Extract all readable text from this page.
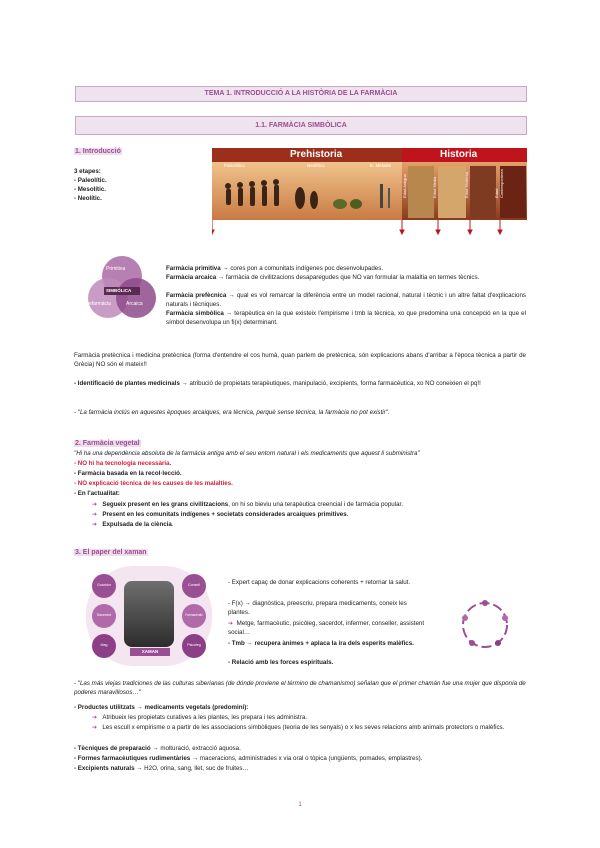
TEMA 1. INTRODUCCIÓ A LA HISTÒRIA DE LA FARMÀCIA
1.1. FARMÀCIA SIMBÒLICA
1. Introducció
3 etapes:
- Paleolític.
- Mesolític.
- Neolític.
Prehistoria	Historia
Paleolítico	Neolítico	E. Metales
Edad Antigua	Edad Media	Edad Moderna	Edad Contemporánea
Primitiva
Prefarmàcia	Arcaica
SIMBÒLICA
Farmàcia primitiva → cores pon a comunitats indígenes poc desenvolupades.
Farmàcia arcaica → farmàcia de civilitzacions desaparegudes que NO van formular la malaltia en termes tècnics.
Farmàcia prefècnica → qual es vol remarcar la diferència entre un model racional, natural i tècnic i un altre faltat d'explicacions naturals i tècniques.
Farmàcia simbòlica → terapèutica en la que existeix l'empirisme i tmb la tècnica, xo que predomina una concepció en la que el símbol desenvolupa un fi(x) determinant.
Farmàcia pretècnica i medicina pretècnica (forma d'entendre el cos humà, quan parlem de pretècnica, són explicacions abans d'arribar a l'època tècnica a partir de Grècia) NO són el mateix!!
- Identificació de plantes medicinals → atribució de propietats terapèutiques, manipulació, excipients, forma farmacèutica, xo NO coneixien el pq!!
- "La farmàcia inclús en aquestes èpoques arcaiques, era tècnica, perquè sense tècnica, la farmàcia no pot existir".
2. Farmàcia vegetal
"Hi ha una dependència absoluta de la farmàcia antiga amb el seu entorn natural i els medicaments que aquest li subministra"
- NO hi ha tecnologia necessària.
- Farmàcia basada en la recol·lecció.
- NO explicació tècnica de les causes de les malalties.
- En l'actualitat:
➔ Segueix present en les grans civilitzacions, on hi so bieviu una terapèutica creencial i de farmàcia popular.
➔ Present en les comunitats indígenes + societats considerades arcaiques primitives.
➔ Expulsada de la ciència.
3. El paper del xaman
XAMAN
Guaridor
Sacerdot
Mag
Consell
Farmacèutic
Psicòleg
- Expert capaç de donar explicacions coherents + retornar la salut.
- F(x) → diagnòstica, preescriu, prepara medicaments, coneix les plantes.
➔ Metge, farmacèutic, psicòleg, sacerdot, infermer, conseller, assistent social…
- Tmb → recupera ànimes + aplaca la ira dels esperits malèfics.
- Relació amb les forces espirituals.
- "Las más viejas tradiciones de las culturas siberianas (de dónde proviene el término de chamanismo) señalan que el primer chamán fue una mujer que disponía de poderes maravillosos…"
- Productes utilitzats → medicaments vegetals (predomini):
➔ Atribueix les propietats curatives a les plantes, les prepara i les administra.
➔ Les escull x empirisme o a partir de les associacions simbòliques (teoria de les senyals) o x les seves relacions amb animals protectors o malèfics.
- Tècniques de preparació → molturació, extracció aquosa.
- Formes farmacèutiques rudimentàries → maceracions, administrades x via oral o tòpica (ungüents, pomades, emplastres).
- Excipients naturals → H2O, orina, sang, llet, suc de fruites…
1
